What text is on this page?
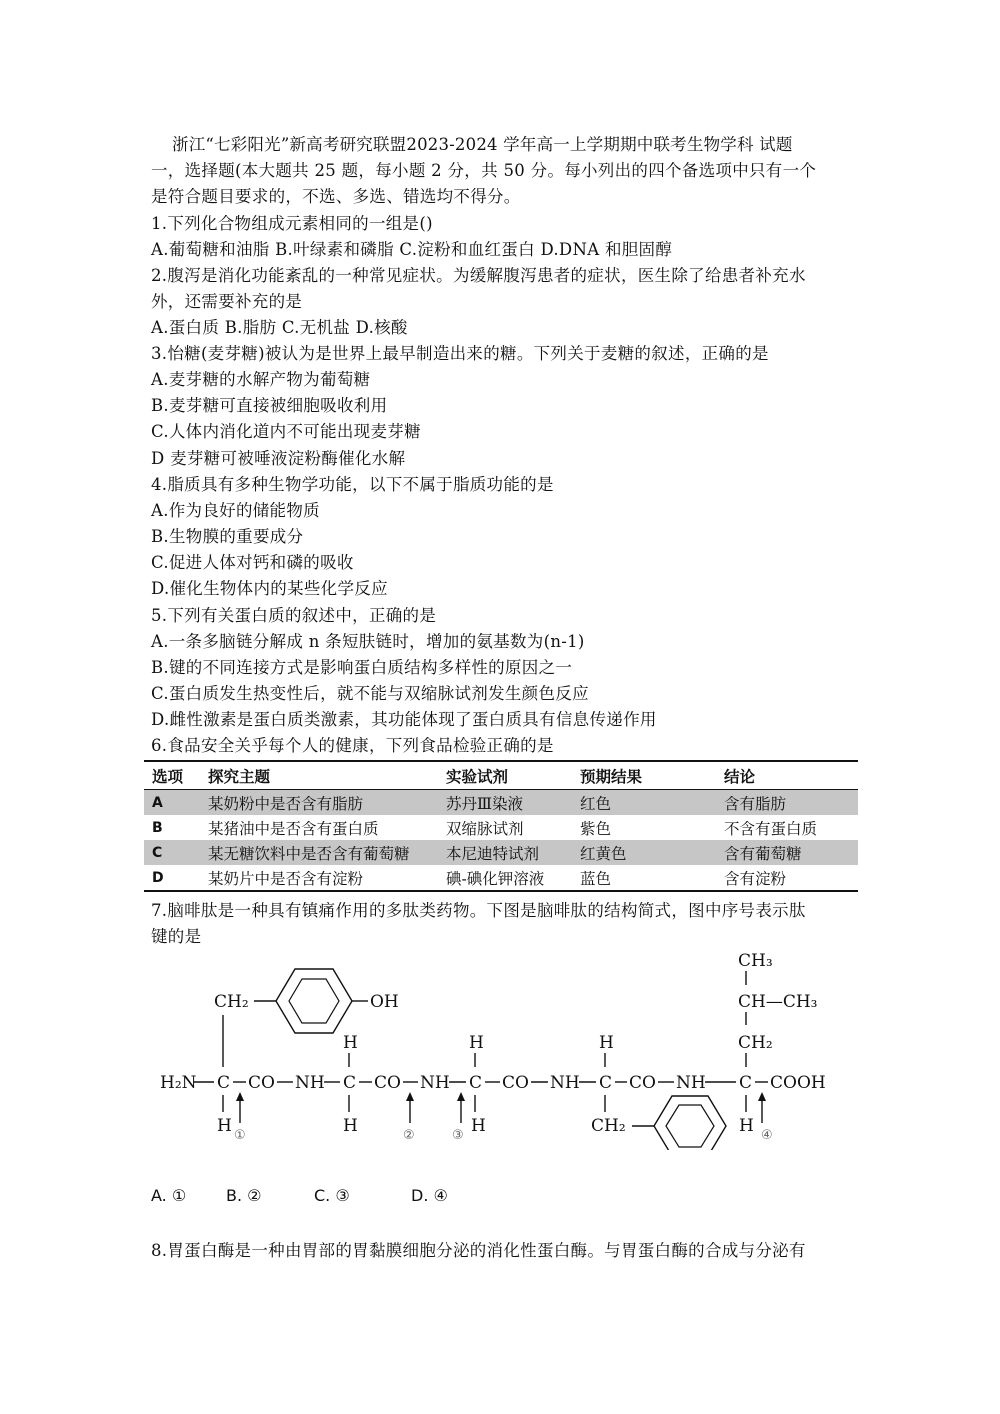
浙江“七彩阳光”新高考研究联盟2023-2024 学年高一上学期期中联考生物学科 试题
一，选择题(本大题共 25 题，每小题 2 分，共 50 分。每小列出的四个备选项中只有一个
是符合题目要求的，不选、多选、错选均不得分。
1.下列化合物组成元素相同的一组是()
A.葡萄糖和油脂 B.叶绿素和磷脂 C.淀粉和血红蛋白 D.DNA 和胆固醇
2.腹泻是消化功能紊乱的一种常见症状。为缓解腹泻患者的症状，医生除了给患者补充水
外，还需要补充的是
A.蛋白质 B.脂肪 C.无机盐 D.核酸
3.怡糖(麦芽糖)被认为是世界上最早制造出来的糖。下列关于麦糖的叙述，正确的是
A.麦芽糖的水解产物为葡萄糖
B.麦芽糖可直接被细胞吸收利用
C.人体内消化道内不可能出现麦芽糖
D 麦芽糖可被唾液淀粉酶催化水解
4.脂质具有多种生物学功能，以下不属于脂质功能的是
A.作为良好的储能物质
B.生物膜的重要成分
C.促进人体对钙和磷的吸收
D.催化生物体内的某些化学反应
5.下列有关蛋白质的叙述中，正确的是
A.一条多脑链分解成 n 条短肤链时，增加的氨基数为(n-1)
B.键的不同连接方式是影响蛋白质结构多样性的原因之一
C.蛋白质发生热变性后，就不能与双缩脉试剂发生颜色反应
D.雌性激素是蛋白质类激素，其功能体现了蛋白质具有信息传递作用
6.食品安全关乎每个人的健康，下列食品检验正确的是
选项	探究主题	实验试剂	预期结果	结论
A	某奶粉中是否含有脂肪	苏丹Ⅲ染液	红色	含有脂肪
B	某猪油中是否含有蛋白质	双缩脉试剂	紫色	不含有蛋白质
C	某无糖饮料中是否含有葡萄糖	本尼迪特试剂	红黄色	含有葡萄糖
D	某奶片中是否含有淀粉	碘-碘化钾溶液	蓝色	含有淀粉
7.脑啡肽是一种具有镇痛作用的多肽类药物。下图是脑啡肽的结构简式，图中序号表示肽
键的是
CH₂	OH
H	H	H
CH₃
CH—CH₃
CH₂
H₂N C CO NH C CO NH C CO NH C CO NH C COOH
H	H	H	CH₂	H
①	②	③	④
A. ① B. ②	C. ③	D. ④
8.胃蛋白酶是一种由胃部的胃黏膜细胞分泌的消化性蛋白酶。与胃蛋白酶的合成与分泌有
